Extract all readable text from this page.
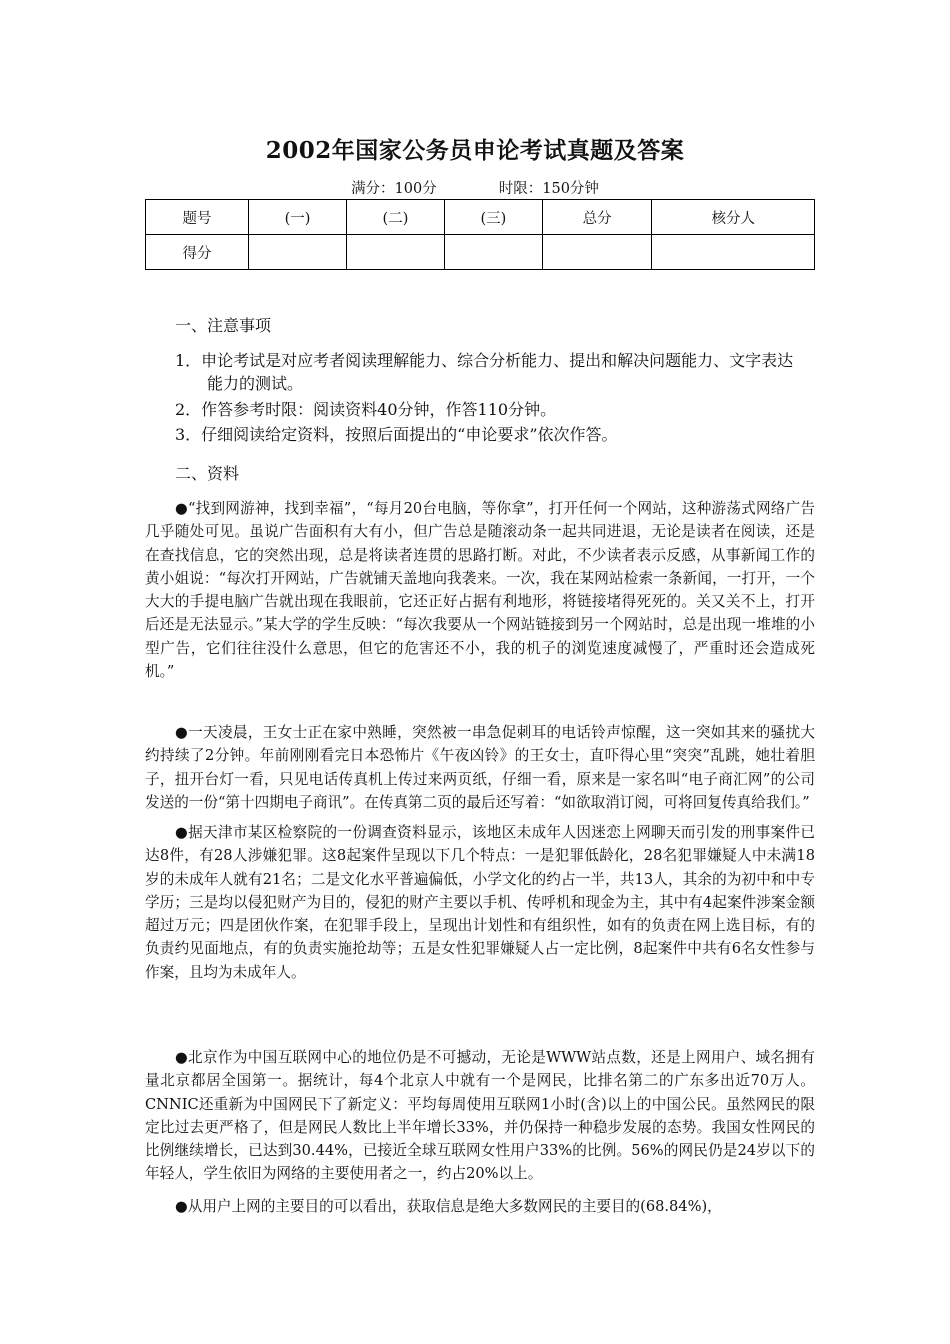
2002年国家公务员申论考试真题及答案
满分：100分	时限：150分钟
题号	(一)	(二)	(三)	总分	核分人
得分					
一、注意事项
1．申论考试是对应考者阅读理解能力、综合分析能力、提出和解决问题能力、文字表达
能力的测试。
2．作答参考时限：阅读资料40分钟，作答110分钟。
3．仔细阅读给定资料，按照后面提出的“申论要求”依次作答。
二、资料

●“找到网游神，找到幸福”，“每月20台电脑，等你拿”，打开任何一个网站，这种游荡式网络广告几乎随处可见。虽说广告面积有大有小，但广告总是随滚动条一起共同进退，无论是读者在阅读，还是在查找信息，它的突然出现，总是将读者连贯的思路打断。对此，不少读者表示反感，从事新闻工作的黄小姐说：“每次打开网站，广告就铺天盖地向我袭来。一次，我在某网站检索一条新闻，一打开，一个大大的手提电脑广告就出现在我眼前，它还正好占据有利地形，将链接堵得死死的。关又关不上，打开后还是无法显示。”某大学的学生反映：“每次我要从一个网站链接到另一个网站时，总是出现一堆堆的小型广告，它们往往没什么意思，但它的危害还不小，我的机子的浏览速度减慢了，严重时还会造成死机。”

●一天凌晨，王女士正在家中熟睡，突然被一串急促刺耳的电话铃声惊醒，这一突如其来的骚扰大约持续了2分钟。年前刚刚看完日本恐怖片《午夜凶铃》的王女士，直吓得心里“突突”乱跳，她壮着胆子，扭开台灯一看，只见电话传真机上传过来两页纸，仔细一看，原来是一家名叫“电子商汇网”的公司发送的一份“第十四期电子商讯”。在传真第二页的最后还写着：“如欲取消订阅，可将回复传真给我们。”

●据天津市某区检察院的一份调查资料显示，该地区未成年人因迷恋上网聊天而引发的刑事案件已达8件，有28人涉嫌犯罪。这8起案件呈现以下几个特点：一是犯罪低龄化，28名犯罪嫌疑人中未满18岁的未成年人就有21名；二是文化水平普遍偏低，小学文化的约占一半，共13人，其余的为初中和中专学历；三是均以侵犯财产为目的，侵犯的财产主要以手机、传呼机和现金为主，其中有4起案件涉案金额超过万元；四是团伙作案，在犯罪手段上，呈现出计划性和有组织性，如有的负责在网上选目标，有的负责约见面地点，有的负责实施抢劫等；五是女性犯罪嫌疑人占一定比例，8起案件中共有6名女性参与作案，且均为未成年人。

●北京作为中国互联网中心的地位仍是不可撼动，无论是WWW站点数，还是上网用户、域名拥有量北京都居全国第一。据统计，每4个北京人中就有一个是网民，比排名第二的广东多出近70万人。CNNIC还重新为中国网民下了新定义：平均每周使用互联网1小时(含)以上的中国公民。虽然网民的限定比过去更严格了，但是网民人数比上半年增长33%，并仍保持一种稳步发展的态势。我国女性网民的比例继续增长，已达到30.44%，已接近全球互联网女性用户33%的比例。56%的网民仍是24岁以下的年轻人，学生依旧为网络的主要使用者之一，约占20%以上。

●从用户上网的主要目的可以看出，获取信息是绝大多数网民的主要目的(68.84%)，
